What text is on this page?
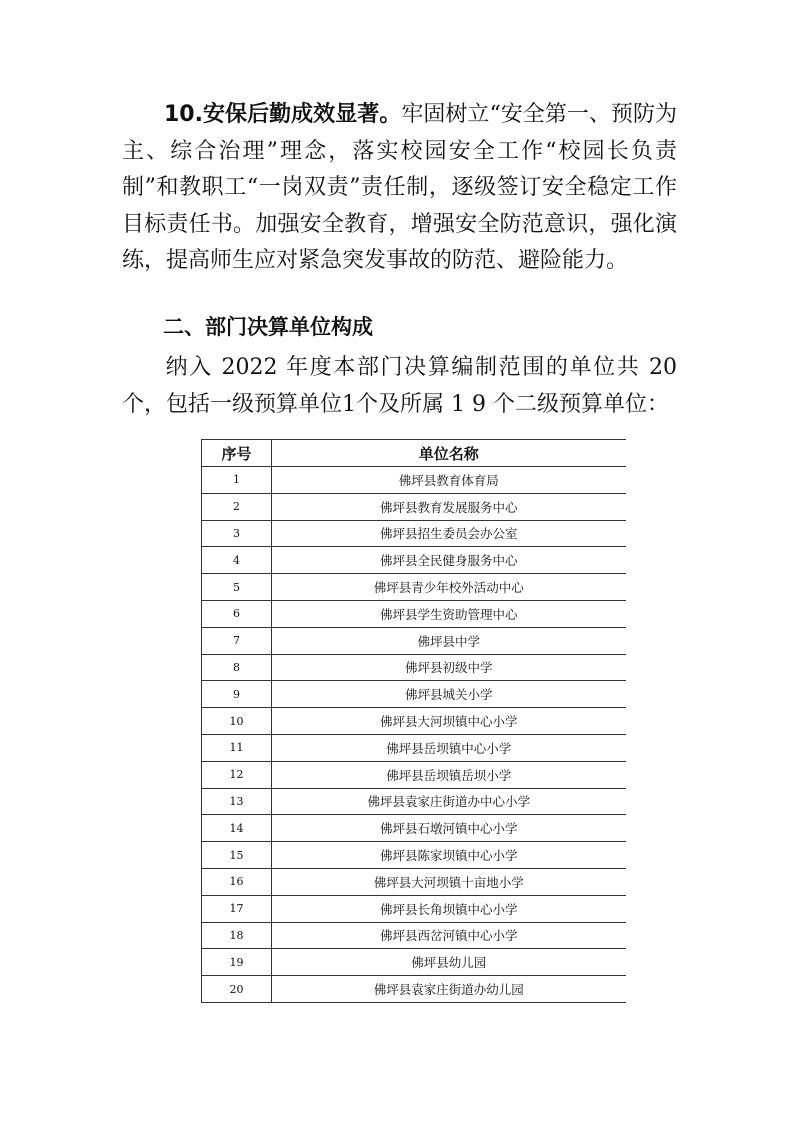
10.安保后勤成效显著。牢固树立“安全第一、预防为主、综合治理”理念，落实校园安全工作“校园长负责制”和教职工“一岗双责”责任制，逐级签订安全稳定工作目标责任书。加强安全教育，增强安全防范意识，强化演练，提高师生应对紧急突发事故的防范、避险能力。

二、部门决算单位构成

纳入 2022 年度本部门决算编制范围的单位共 20 个，包括一级预算单位1个及所属 1 9 个二级预算单位：

序号	单位名称
1	佛坪县教育体育局
2	佛坪县教育发展服务中心
3	佛坪县招生委员会办公室
4	佛坪县全民健身服务中心
5	佛坪县青少年校外活动中心
6	佛坪县学生资助管理中心
7	佛坪县中学
8	佛坪县初级中学
9	佛坪县城关小学
10	佛坪县大河坝镇中心小学
11	佛坪县岳坝镇中心小学
12	佛坪县岳坝镇岳坝小学
13	佛坪县袁家庄街道办中心小学
14	佛坪县石墩河镇中心小学
15	佛坪县陈家坝镇中心小学
16	佛坪县大河坝镇十亩地小学
17	佛坪县长角坝镇中心小学
18	佛坪县西岔河镇中心小学
19	佛坪县幼儿园
20	佛坪县袁家庄街道办幼儿园
